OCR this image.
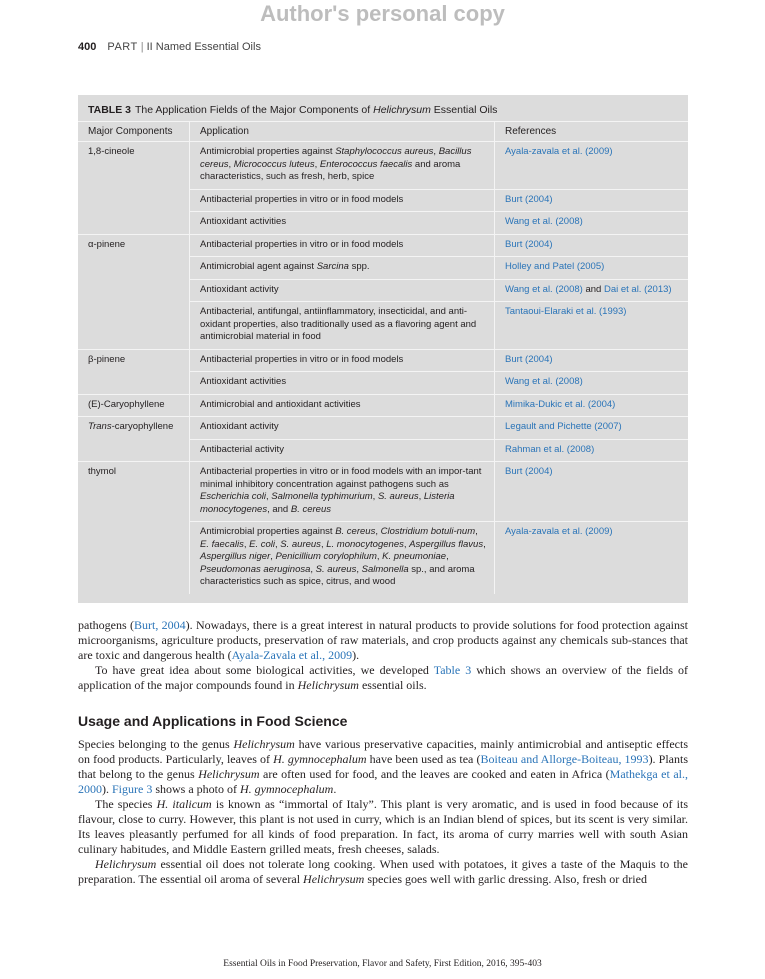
Author's personal copy
400 PART | II Named Essential Oils
TABLE 3 The Application Fields of the Major Components of Helichrysum Essential Oils
Major Components	Application	References
1,8-cineole	Antimicrobial properties against Staphylococcus aureus, Bacillus cereus, Micrococcus luteus, Enterococcus faecalis and aroma characteristics, such as fresh, herb, spice	Ayala-zavala et al. (2009)
	Antibacterial properties in vitro or in food models	Burt (2004)
	Antioxidant activities	Wang et al. (2008)
α-pinene	Antibacterial properties in vitro or in food models	Burt (2004)
	Antimicrobial agent against Sarcina spp.	Holley and Patel (2005)
	Antioxidant activity	Wang et al. (2008) and Dai et al. (2013)
	Antibacterial, antifungal, antiinflammatory, insecticidal, and anti-oxidant properties, also traditionally used as a flavoring agent and antimicrobial material in food	Tantaoui-Elaraki et al. (1993)
β-pinene	Antibacterial properties in vitro or in food models	Burt (2004)
	Antioxidant activities	Wang et al. (2008)
(E)-Caryophyllene	Antimicrobial and antioxidant activities	Mimika-Dukic et al. (2004)
Trans-caryophyllene	Antioxidant activity	Legault and Pichette (2007)
	Antibacterial activity	Rahman et al. (2008)
thymol	Antibacterial properties in vitro or in food models with an impor-tant minimal inhibitory concentration against pathogens such as Escherichia coli, Salmonella typhimurium, S. aureus, Listeria monocytogenes, and B. cereus	Burt (2004)
	Antimicrobial properties against B. cereus, Clostridium botuli-num, E. faecalis, E. coli, S. aureus, L. monocytogenes, Aspergillus flavus, Aspergillus niger, Penicillium corylophilum, K. pneumoniae, Pseudomonas aeruginosa, S. aureus, Salmonella sp., and aroma characteristics such as spice, citrus, and wood	Ayala-zavala et al. (2009)

pathogens (Burt, 2004). Nowadays, there is a great interest in natural products to provide solutions for food protection against microorganisms, agriculture products, preservation of raw materials, and crop products against any chemicals sub-stances that are toxic and dangerous health (Ayala-Zavala et al., 2009).

To have great idea about some biological activities, we developed Table 3 which shows an overview of the fields of application of the major compounds found in Helichrysum essential oils.

Usage and Applications in Food Science

Species belonging to the genus Helichrysum have various preservative capacities, mainly antimicrobial and antiseptic effects on food products. Particularly, leaves of H. gymnocephalum have been used as tea (Boiteau and Allorge-Boiteau, 1993). Plants that belong to the genus Helichrysum are often used for food, and the leaves are cooked and eaten in Africa (Mathekga et al., 2000). Figure 3 shows a photo of H. gymnocephalum.

The species H. italicum is known as “immortal of Italy”. This plant is very aromatic, and is used in food because of its flavour, close to curry. However, this plant is not used in curry, which is an Indian blend of spices, but its scent is very similar. Its leaves pleasantly perfumed for all kinds of food preparation. In fact, its aroma of curry marries well with south Asian culinary habitudes, and Middle Eastern grilled meats, fresh cheeses, salads.

Helichrysum essential oil does not tolerate long cooking. When used with potatoes, it gives a taste of the Maquis to the preparation. The essential oil aroma of several Helichrysum species goes well with garlic dressing. Also, fresh or dried

Essential Oils in Food Preservation, Flavor and Safety, First Edition, 2016, 395-403
